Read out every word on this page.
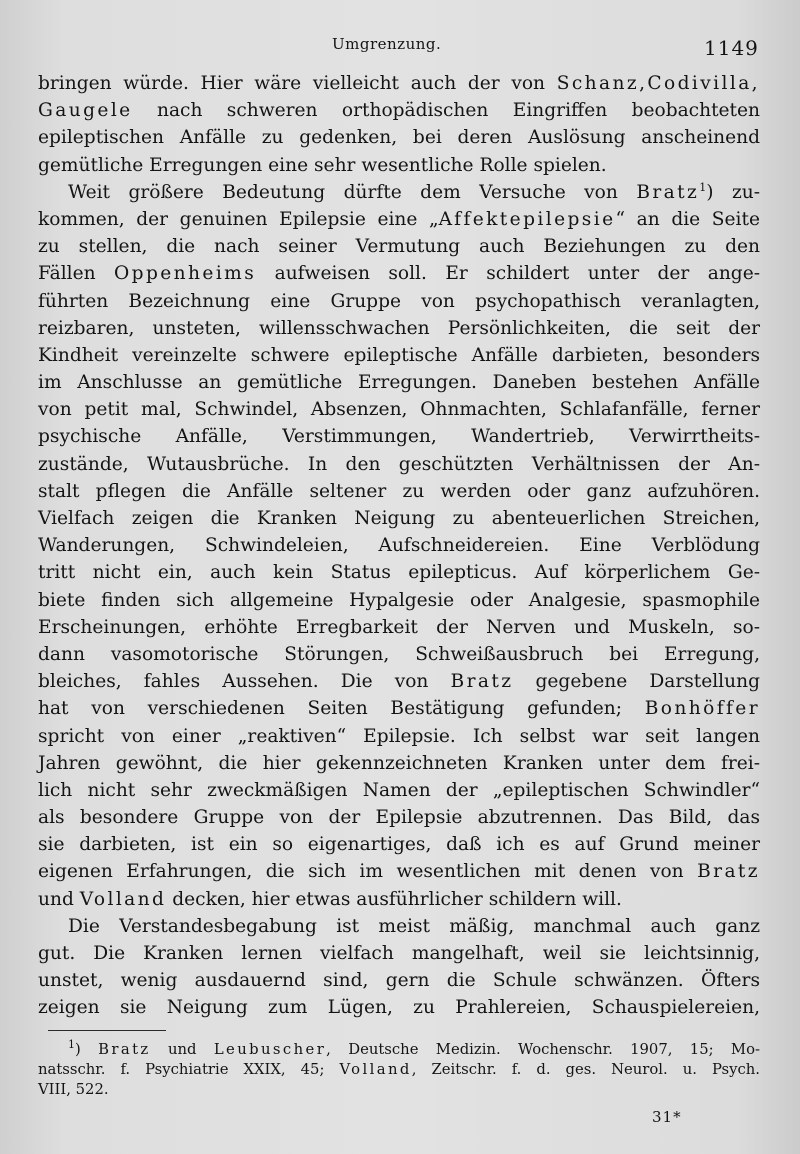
Umgrenzung.	1149
bringen würde. Hier wäre vielleicht auch der von Schanz,Codivilla,
Gaugele nach schweren orthopädischen Eingriffen beobachteten
epileptischen Anfälle zu gedenken, bei deren Auslösung anscheinend
gemütliche Erregungen eine sehr wesentliche Rolle spielen.
Weit größere Bedeutung dürfte dem Versuche von Bratz$^1$) zu-
kommen, der genuinen Epilepsie eine „Affektepilepsie“ an die Seite
zu stellen, die nach seiner Vermutung auch Beziehungen zu den
Fällen Oppenheims aufweisen soll. Er schildert unter der ange-
führten Bezeichnung eine Gruppe von psychopathisch veranlagten,
reizbaren, unsteten, willensschwachen Persönlichkeiten, die seit der
Kindheit vereinzelte schwere epileptische Anfälle darbieten, besonders
im Anschlusse an gemütliche Erregungen. Daneben bestehen Anfälle
von petit mal, Schwindel, Absenzen, Ohnmachten, Schlafanfälle, ferner
psychische Anfälle, Verstimmungen, Wandertrieb, Verwirrtheits-
zustände, Wutausbrüche. In den geschützten Verhältnissen der An-
stalt pflegen die Anfälle seltener zu werden oder ganz aufzuhören.
Vielfach zeigen die Kranken Neigung zu abenteuerlichen Streichen,
Wanderungen, Schwindeleien, Aufschneidereien. Eine Verblödung
tritt nicht ein, auch kein Status epilepticus. Auf körperlichem Ge-
biete finden sich allgemeine Hypalgesie oder Analgesie, spasmophile
Erscheinungen, erhöhte Erregbarkeit der Nerven und Muskeln, so-
dann vasomotorische Störungen, Schweißausbruch bei Erregung,
bleiches, fahles Aussehen. Die von Bratz gegebene Darstellung
hat von verschiedenen Seiten Bestätigung gefunden; Bonhöffer
spricht von einer „reaktiven“ Epilepsie. Ich selbst war seit langen
Jahren gewöhnt, die hier gekennzeichneten Kranken unter dem frei-
lich nicht sehr zweckmäßigen Namen der „epileptischen Schwindler“
als besondere Gruppe von der Epilepsie abzutrennen. Das Bild, das
sie darbieten, ist ein so eigenartiges, daß ich es auf Grund meiner
eigenen Erfahrungen, die sich im wesentlichen mit denen von Bratz
und Volland decken, hier etwas ausführlicher schildern will.
Die Verstandesbegabung ist meist mäßig, manchmal auch ganz
gut. Die Kranken lernen vielfach mangelhaft, weil sie leichtsinnig,
unstet, wenig ausdauernd sind, gern die Schule schwänzen. Öfters
zeigen sie Neigung zum Lügen, zu Prahlereien, Schauspielereien,
$^1$) Bratz und Leubuscher, Deutsche Medizin. Wochenschr. 1907, 15; Mo-
natsschr. f. Psychiatrie XXIX, 45; Volland, Zeitschr. f. d. ges. Neurol. u. Psych.
VIII, 522.
31*
